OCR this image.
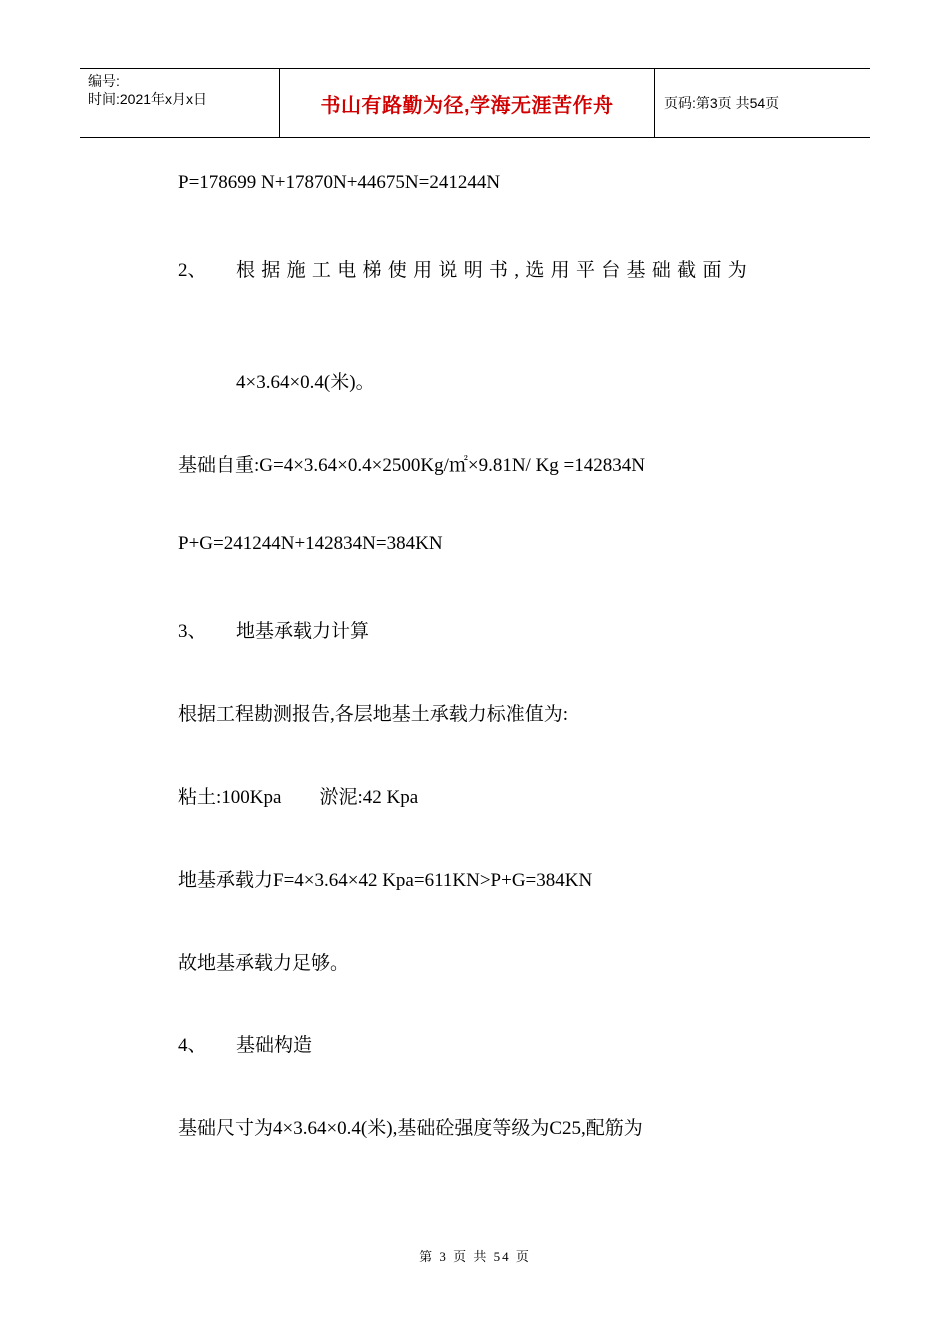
编号:
时间:2021年x月x日	书山有路勤为径,学海无涯苦作舟	页码:第3页 共54页
P=178699 N+17870N+44675N=241244N
2、 根据施工电梯使用说明书,选用平台基础截面为
4×3.64×0.4(米)。
基础自重:G=4×3.64×0.4×2500Kg/㎡×9.81N/ Kg =142834N
P+G=241244N+142834N=384KN
3、 地基承载力计算
根据工程勘测报告,各层地基土承载力标准值为:
粘土:100Kpa 淤泥:42 Kpa
地基承载力F=4×3.64×42 Kpa=611KN>P+G=384KN
故地基承载力足够。
4、 基础构造
基础尺寸为4×3.64×0.4(米),基础砼强度等级为C25,配筋为
第 3 页 共 54 页
